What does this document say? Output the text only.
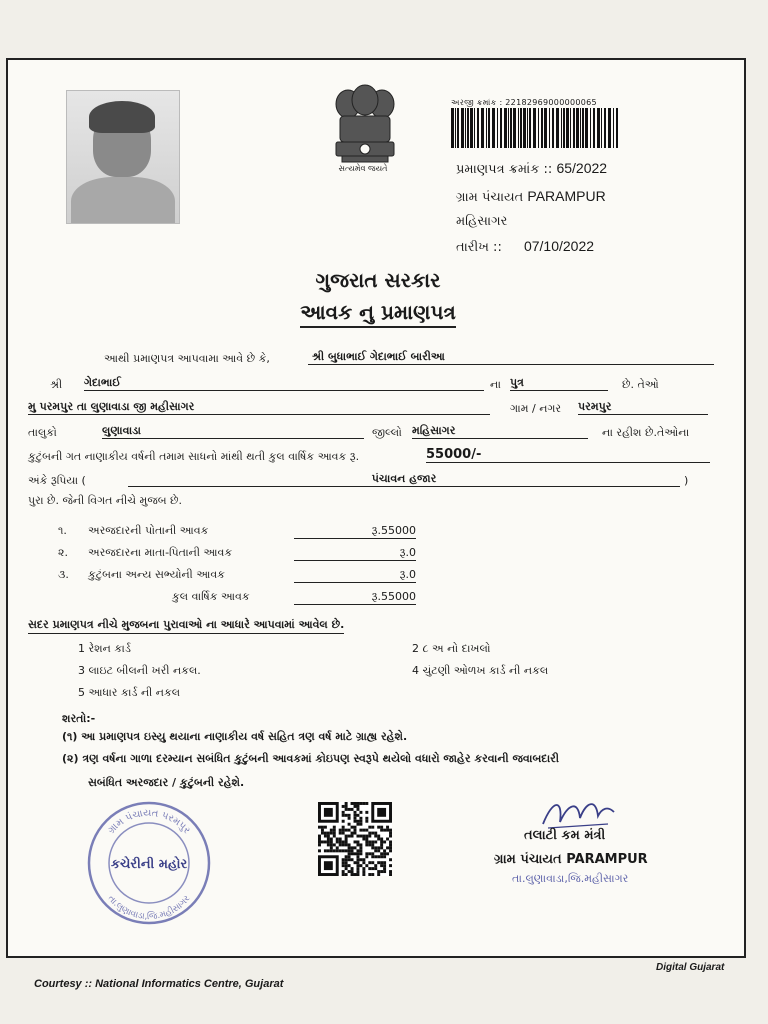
સત્યમેવ જયતે
અરજી ક્રમાંક : 22182969000000065
પ્રમાણપત્ર ક્રમાંક :: 65/2022
ગ્રામ પંચાયત PARAMPUR
મહિસાગર
તારીખ :: 07/10/2022
ગુજરાત સરકાર
આવક નુ પ્રમાણપત્ર
આથી પ્રમાણપત્ર આપવામા આવે છે કે,	શ્રી બુધાભાઈ ગેદાભાઈ બારીઆ
શ્રી ગેદાભાઈ	ના પુત્ર	છે. તેઓ
મુ પરમપુર તા લુણાવાડા જી મહીસાગર	ગામ / નગર પરમપુર
તાલુકો	લુણાવાડા	જીલ્લો મહિસાગર	ના રહીશ છે.તેઓના
કુટુંબની ગત નાણાકીય વર્ષની તમામ સાધનો માંથી થતી કુલ વાર્ષિક આવક રૂ.	55000/-
અંકે રૂપિયા (	પંચાવન હજાર	)
પુરા છે. જેની વિગત નીચે મુજબ છે.
૧. અરજદારની પોતાની આવક	રૂ.55000
૨. અરજદારના માતા-પિતાની આવક	રૂ.0
૩. કુટુંબના અન્ય સભ્યોની આવક	રૂ.0
કુલ વાર્ષિક આવક	રૂ.55000
સદર પ્રમાણપત્ર નીચે મુજબના પુરાવાઓ ના આધારે આપવામાં આવેલ છે.
1 રેશન કાર્ડ	2 ૮ અ નો દાખલો
3 લાઇટ બીલની ખરી નકલ.	4 ચુંટણી ઓળખ કાર્ડ ની નકલ
5 આધાર કાર્ડ ની નકલ
શરતો:-
(૧) આ પ્રમાણપત્ર ઇસ્યુ થયાના નાણાકીય વર્ષ સહિત ત્રણ વર્ષ માટે ગ્રાહ્ય રહેશે.
(૨) ત્રણ વર્ષના ગાળા દરમ્યાન સબંધિત કુટુંબની આવકમાં કોઇપણ સ્વરૂપે થયેલો વધારો જાહેર કરવાની જવાબદારી
સબંધિત અરજદાર / કુટુંબની રહેશે.
ગ્રામ પંચાયત પરમપુર
તા.લુણાવાડા,જિ.મહીસાગર
કચેરીની મહોર
તલાટી કમ મંત્રી
ગ્રામ પંચાયત PARAMPUR
તા.લુણાવાડા,જિ.મહીસાગર
Digital Gujarat
Courtesy :: National Informatics Centre, Gujarat
